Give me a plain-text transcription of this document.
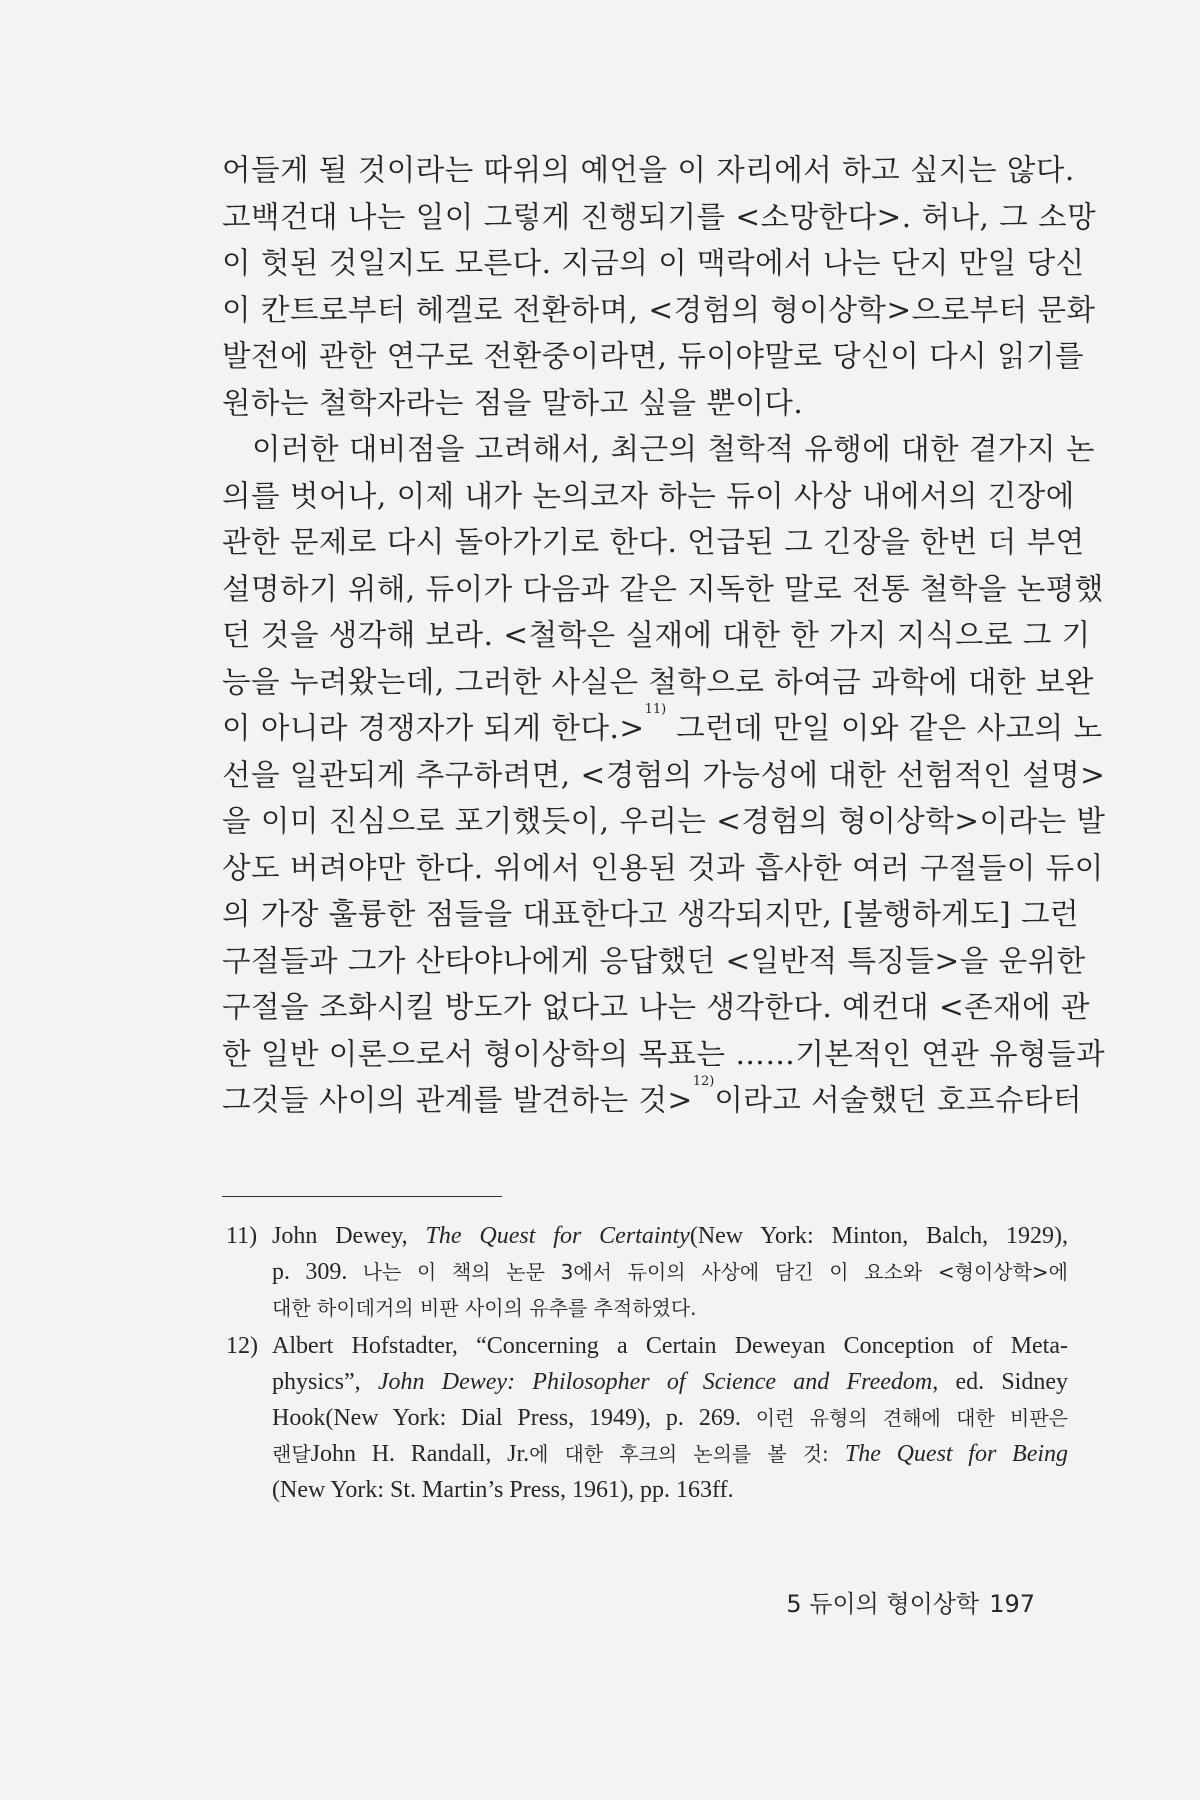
어들게 될 것이라는 따위의 예언을 이 자리에서 하고 싶지는 않다.
고백건대 나는 일이 그렇게 진행되기를 <소망한다>. 허나, 그 소망
이 헛된 것일지도 모른다. 지금의 이 맥락에서 나는 단지 만일 당신
이 칸트로부터 헤겔로 전환하며, <경험의 형이상학>으로부터 문화
발전에 관한 연구로 전환중이라면, 듀이야말로 당신이 다시 읽기를
원하는 철학자라는 점을 말하고 싶을 뿐이다.
이러한 대비점을 고려해서, 최근의 철학적 유행에 대한 곁가지 논
의를 벗어나, 이제 내가 논의코자 하는 듀이 사상 내에서의 긴장에
관한 문제로 다시 돌아가기로 한다. 언급된 그 긴장을 한번 더 부연
설명하기 위해, 듀이가 다음과 같은 지독한 말로 전통 철학을 논평했
던 것을 생각해 보라. <철학은 실재에 대한 한 가지 지식으로 그 기
능을 누려왔는데, 그러한 사실은 철학으로 하여금 과학에 대한 보완
이 아니라 경쟁자가 되게 한다.>$^{11)}$ 그런데 만일 이와 같은 사고의 노
선을 일관되게 추구하려면, <경험의 가능성에 대한 선험적인 설명>
을 이미 진심으로 포기했듯이, 우리는 <경험의 형이상학>이라는 발
상도 버려야만 한다. 위에서 인용된 것과 흡사한 여러 구절들이 듀이
의 가장 훌륭한 점들을 대표한다고 생각되지만, [불행하게도] 그런
구절들과 그가 산타야나에게 응답했던 <일반적 특징들>을 운위한
구절을 조화시킬 방도가 없다고 나는 생각한다. 예컨대 <존재에 관
한 일반 이론으로서 형이상학의 목표는 ……기본적인 연관 유형들과
그것들 사이의 관계를 발견하는 것>$^{12)}$이라고 서술했던 호프슈타터
11) John Dewey, The Quest for Certainty(New York: Minton, Balch, 1929),
p. 309. 나는 이 책의 논문 3에서 듀이의 사상에 담긴 이 요소와 <형이상학>에
대한 하이데거의 비판 사이의 유추를 추적하였다.
12) Albert Hofstadter, “Concerning a Certain Deweyan Conception of Meta-
physics”, John Dewey: Philosopher of Science and Freedom, ed. Sidney
Hook(New York: Dial Press, 1949), p. 269. 이런 유형의 견해에 대한 비판은
랜달John H. Randall, Jr.에 대한 후크의 논의를 볼 것: The Quest for Being
(New York: St. Martin’s Press, 1961), pp. 163ff.
5 듀이의 형이상학 197
